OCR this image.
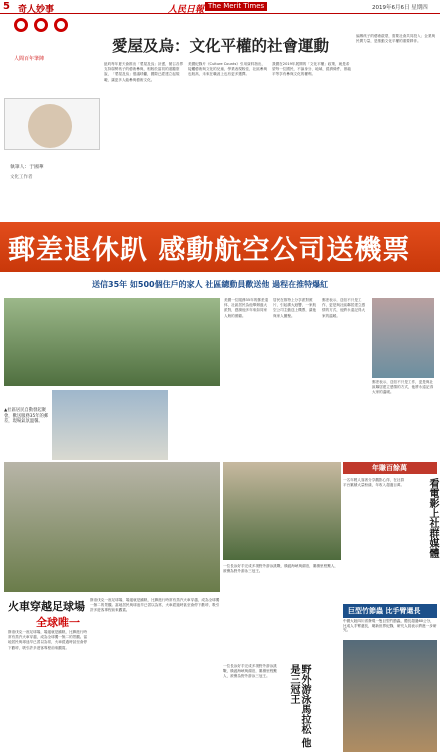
5 奇人妙事	人民日報 The Merit Times	2019年6月6日 星期四
人間百年筆陣
執筆人：于國華
文化工作者
愛屋及烏：文化平權的社會運動
紐約每年夏天會推出「愛屋及烏」計畫，號召各界支持弱勢孩子的藝術參與，相較於當初的道聽塗說，「愛屋及烏」倡議呼籲，國際已經建立起規範，讓更多人能參與藝術文化。
美國紀錄片《Culture Counts》引用資料指出，接觸藝術與文化的兒童，學業表現較佳，社區參與也較高，未來在職涯上也有更多選擇。
我國在2019年展開的「文化平權」政策，就是希望每一位國民，不論身分、地域、經濟條件，都能平等享有參與文化的權利。
偏鄉孩子的藝術啟蒙，需要社會共同投入；企業與民間力量，是推動文化平權的重要夥伴。
郵差退休趴 感動航空公司送機票
送信35年 如500個住戶的家人 社區總動員歡送他 過程在推特爆紅
▲社區居民自動發起聚會，歡送服務35年的郵差，現場氣氛溫馨。
美國一位服務35年的郵差退休，社區居民為他舉辦盛大派對，感謝他多年來如同家人般的照顧。
居民在推特上分享派對照片，引起廣大迴響，一家航空公司主動送上機票，讓他與家人團聚。
郵差表示，送信不只是工作，更是與社區鄰居建立感情的方式，他將永遠記得大家的溫暖。
郵差表示，送信不只是工作，更是與社區鄰居建立感情的方式，他將永遠記得大家的溫暖。
火車穿越足球場
全球唯一
斯洛伐克一座足球場，場邊就是鐵軌，比賽進行時常有蒸汽火車穿越，成為全球獨一無二的景觀。當地居民與球迷早已習以為常，火車經過時甚至會停下歡呼，吸引許多遊客專程前來觀賞。
斯洛伐克一座足球場，場邊就是鐵軌，比賽進行時常有蒸汽火車穿越，成為全球獨一無二的景觀。當地居民與球迷早已習以為常，火車經過時甚至會停下歡呼，吸引許多遊客專程前來觀賞。
一位長泳好手完成多項野外游泳挑戰，橫渡海峽與湖泊，累積里程驚人，被譽為野外游泳三冠王。
野外游泳馬拉松 他是三冠王
一位長泳好手完成多項野外游泳挑戰，橫渡海峽與湖泊，累積里程驚人，被譽為野外游泳三冠王。
年賺百餘萬
看電影上社群媒體
一名年輕人靠著分享觀影心得，在社群平台累積大量粉絲，年收入超過百萬。
巨型竹節蟲 比手臂還長
中國大陸四川省發現一隻巨型竹節蟲，體長超過60公分，比成人手臂還長，刷新世界紀錄，研究人員表示將進一步研究。
